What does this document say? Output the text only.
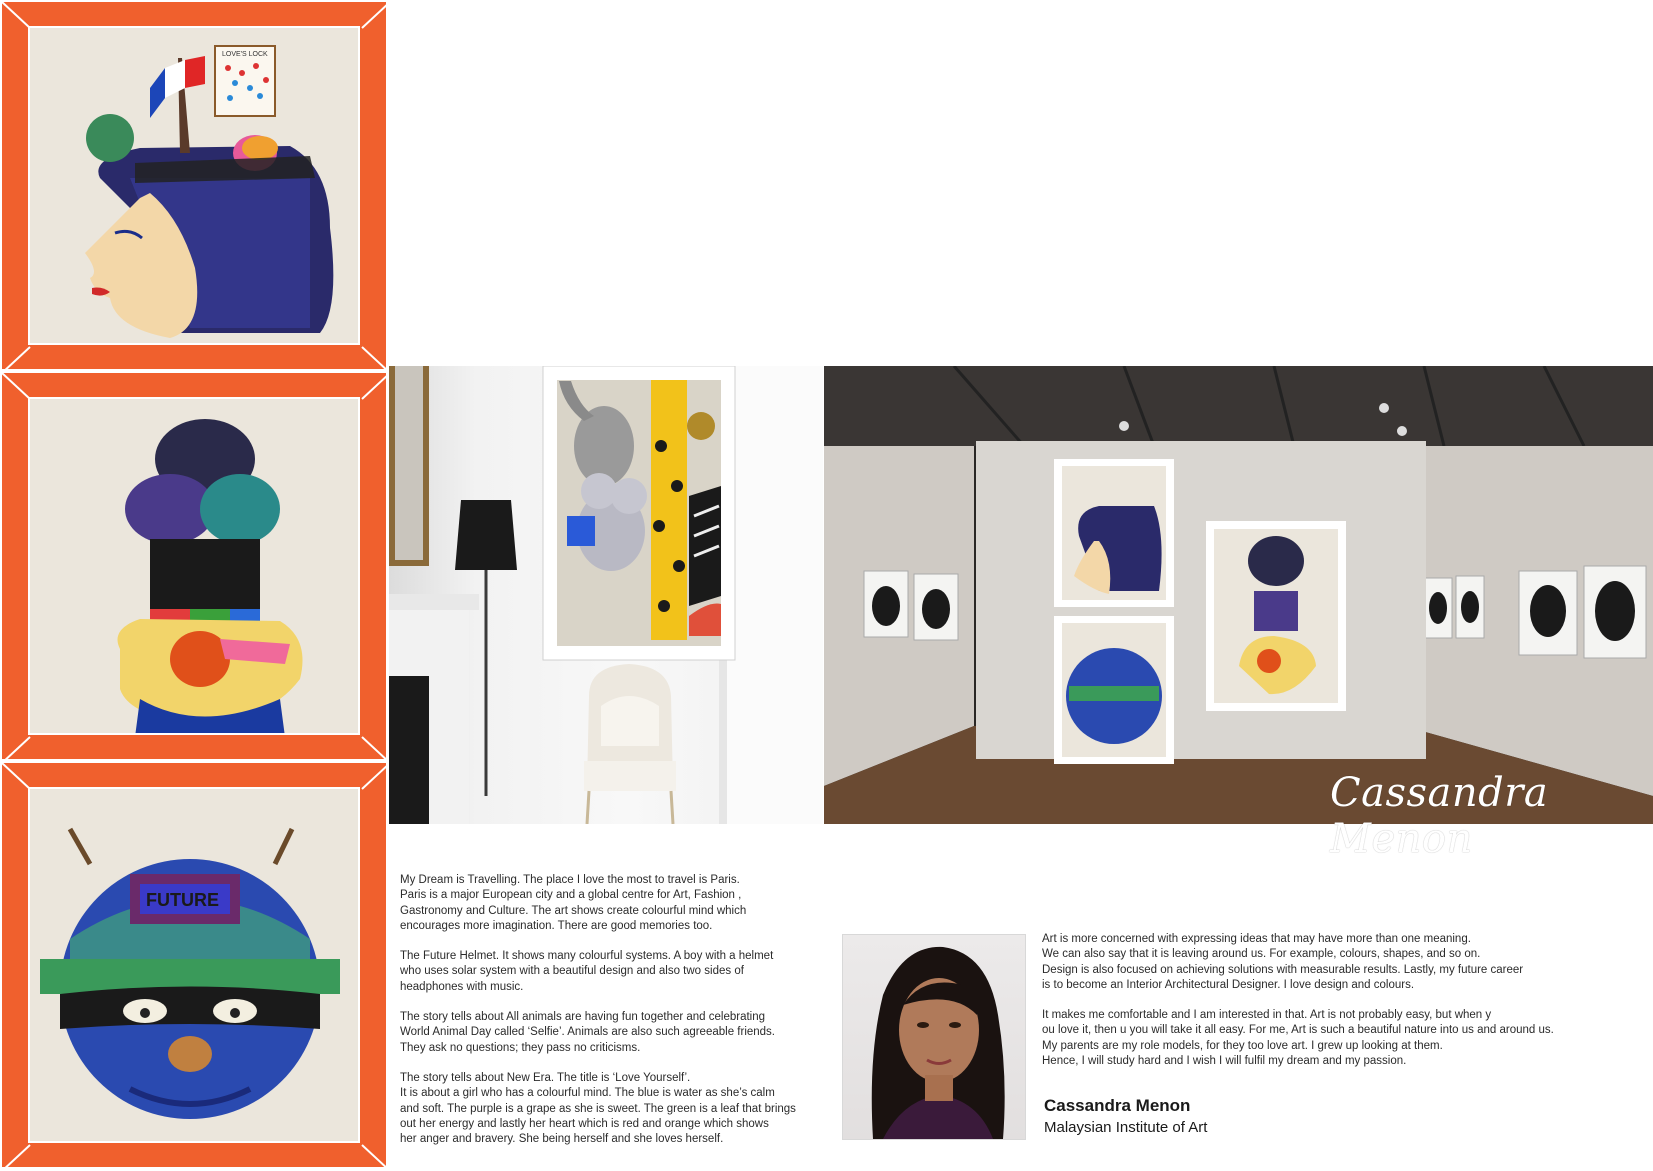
LOVE'S LOCK
FUTURE
Cassandra Menon

My Dream is Travelling. The place I love the most to travel is Paris.
Paris is a major European city and a global centre for Art, Fashion ,
Gastronomy and Culture. The art shows create colourful mind which
encourages more imagination. There are good memories too.

The Future Helmet. It shows many colourful systems. A boy with a helmet
who uses solar system with a beautiful design and also two sides of
headphones with music.

The story tells about All animals are having fun together and celebrating
World Animal Day called ‘Selfie’. Animals are also such agreeable friends.
They ask no questions; they pass no criticisms.

The story tells about New Era. The title is ‘Love Yourself’.
It is about a girl who has a colourful mind. The blue is water as she’s calm
and soft. The purple is a grape as she is sweet. The green is a leaf that brings
out her energy and lastly her heart which is red and orange which shows
her anger and bravery. She being herself and she loves herself.

Art is more concerned with expressing ideas that may have more than one meaning.
We can also say that it is leaving around us. For example, colours, shapes, and so on.
Design is also focused on achieving solutions with measurable results. Lastly, my future career
is to become an Interior Architectural Designer. I love design and colours.

It makes me comfortable and I am interested in that. Art is not probably easy, but when y
ou love it, then u you will take it all easy. For me, Art is such a beautiful nature into us and around us.
My parents are my role models, for they too love art. I grew up looking at them.
Hence, I will study hard and I wish I will fulfil my dream and my passion.

Cassandra Menon
Malaysian Institute of Art
